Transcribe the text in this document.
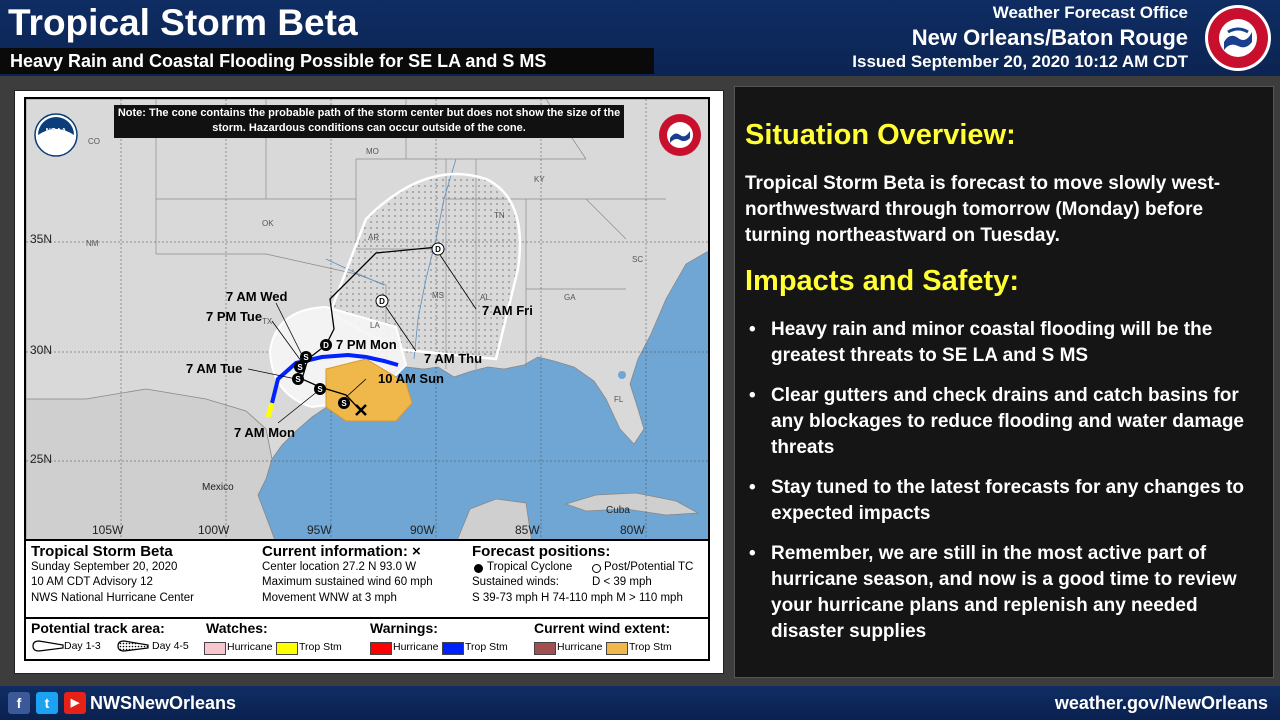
Tropical Storm Beta
Heavy Rain and Coastal Flooding Possible for SE LA and S MS
Weather Forecast Office
New Orleans/Baton Rouge
Issued September 20, 2020 10:12 AM CDT
S
S
S
S
S
D
D
D
Note: The cone contains the probable path of the storm center but does not show the size of the storm. Hazardous conditions can occur outside of the cone.
NOAA
35N
30N
25N
105W	100W	95W	90W	85W	80W
Mexico
Cuba
CO
MO
KY
TN
NM
OK
AR
MS	AL	GA
LA
TX
SC
FL
7 AM Wed
7 PM Tue
7 PM Mon
7 AM Tue
7 AM Mon
10 AM Sun
7 AM Thu
7 AM Fri
Tropical Storm Beta
Sunday September 20, 2020
10 AM CDT Advisory 12
NWS National Hurricane Center
Current information: ×
Center location 27.2 N 93.0 W
Maximum sustained wind 60 mph
Movement WNW at 3 mph
Forecast positions:
Tropical Cyclone	Post/Potential TC
Sustained winds:	D < 39 mph
S 39-73 mph H 74-110 mph M > 110 mph
Potential track area:
Day 1-3	Day 4-5
Watches:
Hurricane	Trop Stm
Warnings:
Hurricane	Trop Stm
Current wind extent:
Hurricane	Trop Stm
Situation Overview:
Tropical Storm Beta is forecast to move slowly west-northwestward through tomorrow (Monday) before turning northeastward on Tuesday.
Impacts and Safety:
• Heavy rain and minor coastal flooding will be the greatest threats to SE LA and S MS
• Clear gutters and check drains and catch basins for any blockages to reduce flooding and water damage threats
• Stay tuned to the latest forecasts for any changes to expected impacts
• Remember, we are still in the most active part of hurricane season, and now is a good time to review your hurricane plans and replenish any needed disaster supplies
f	t	▶ NWSNewOrleans	weather.gov/NewOrleans
